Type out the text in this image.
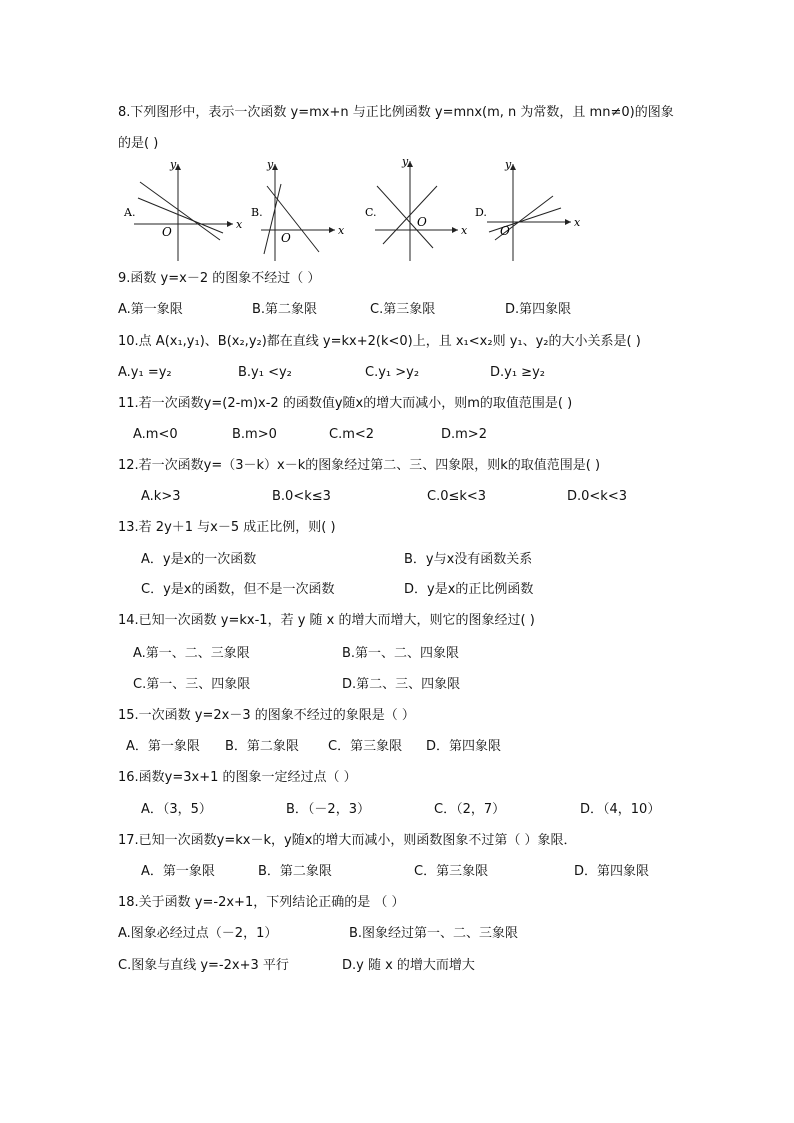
8.下列图形中，表示一次函数 y=mx+n 与正比例函数 y=mnx(m, n 为常数，且 mn≠0)的图象
的是( )
A.
x
y
O
B.
x
y
O
C.
x
y
O
D.
x
y
O
9.函数 y=x－2 的图象不经过（ ）
A.第一象限	B.第二象限	C.第三象限	D.第四象限
10.点 A(x₁,y₁)、B(x₂,y₂)都在直线 y=kx+2(k<0)上，且 x₁<x₂则 y₁、y₂的大小关系是( )
A.y₁ =y₂	B.y₁ <y₂	C.y₁ >y₂	D.y₁ ≥y₂
11.若一次函数y=(2-m)x-2 的函数值y随x的增大而减小，则m的取值范围是( )
A.m<0	B.m>0	C.m<2	D.m>2
12.若一次函数y=（3－k）x－k的图象经过第二、三、四象限，则k的取值范围是( )
A.k>3	B.0<k≤3	C.0≤k<3	D.0<k<3
13.若 2y＋1 与x－5 成正比例，则( )
A．y是x的一次函数	B．y与x没有函数关系
C．y是x的函数，但不是一次函数	D．y是x的正比例函数
14.已知一次函数 y=kx-1，若 y 随 x 的增大而增大，则它的图象经过( )
A.第一、二、三象限	B.第一、二、四象限
C.第一、三、四象限	D.第二、三、四象限
15.一次函数 y=2x－3 的图象不经过的象限是（ ）
A．第一象限 B．第二象限 C．第三象限 D．第四象限
16.函数y=3x+1 的图象一定经过点（ ）
A．（3，5）	B．（－2，3）	C．（2，7）	D．（4，10）
17.已知一次函数y=kx－k，y随x的增大而减小，则函数图象不过第（ ）象限．
A．第一象限	B．第二象限	C．第三象限	D．第四象限
18.关于函数 y=-2x+1，下列结论正确的是 （ ）
A.图象必经过点（－2，1）	B.图象经过第一、二、三象限
C.图象与直线 y=-2x+3 平行	D.y 随 x 的增大而增大
